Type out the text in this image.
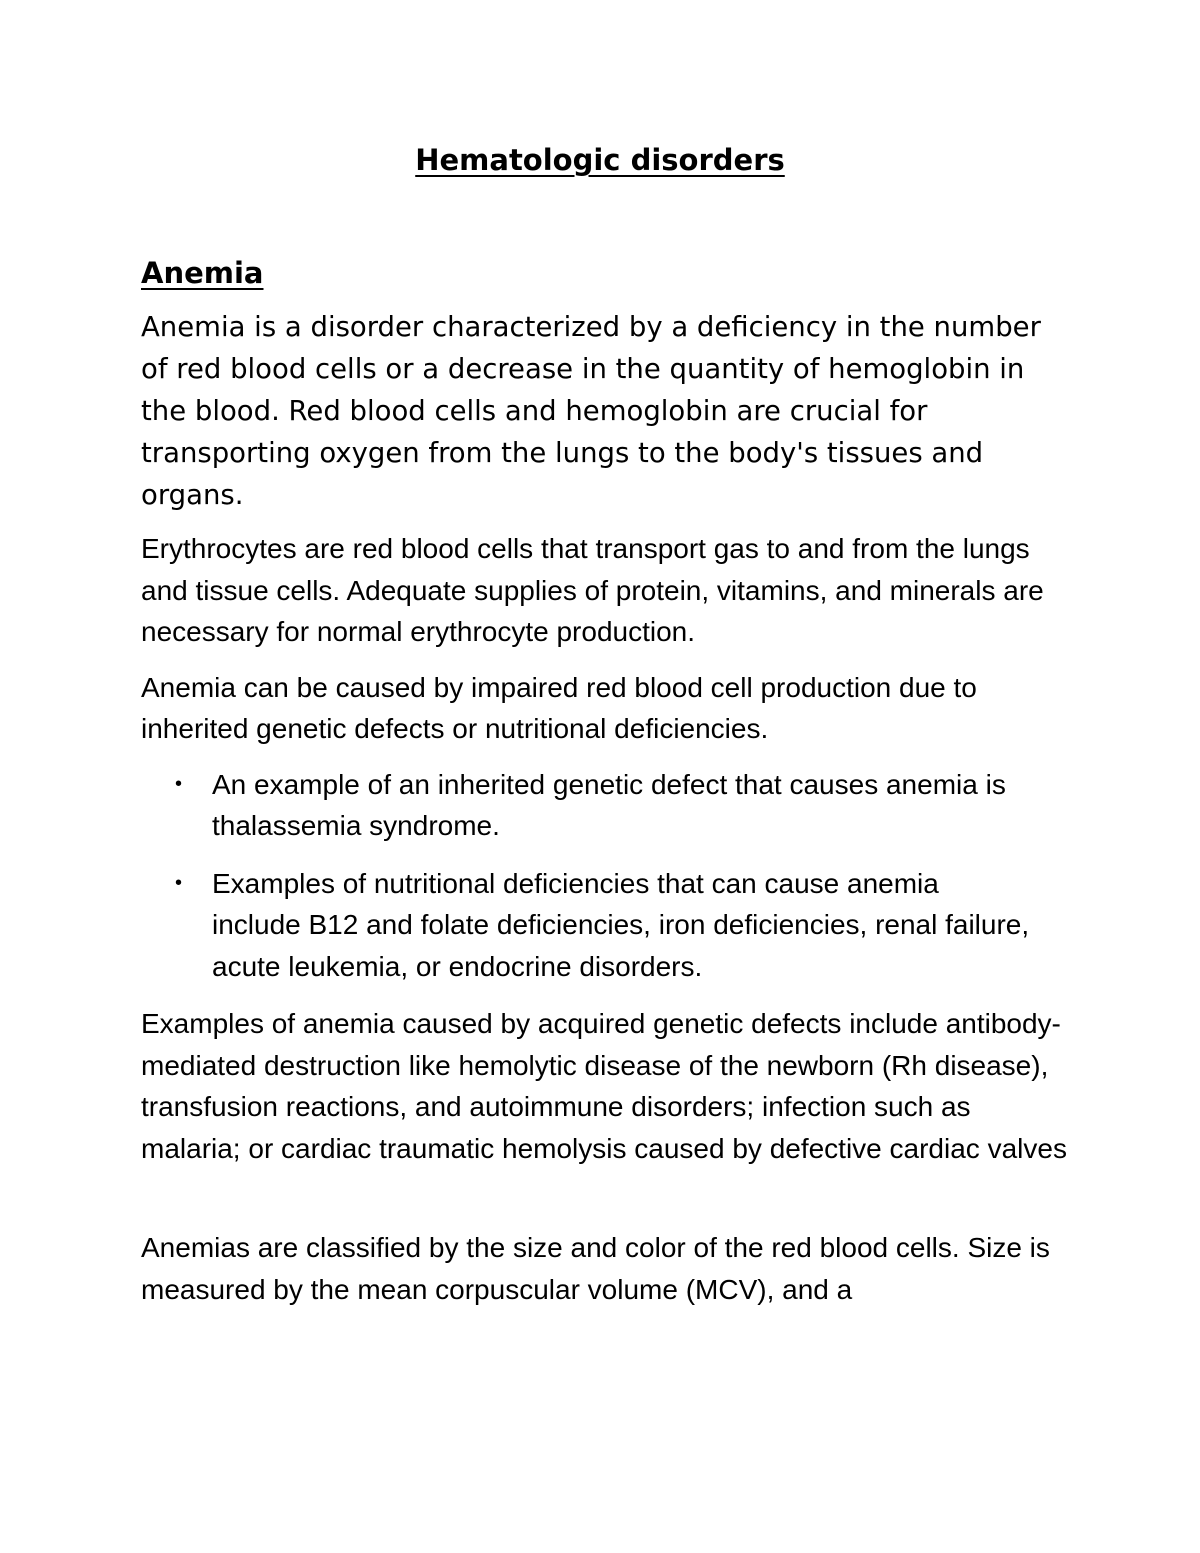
Hematologic disorders
Anemia

Anemia is a disorder characterized by a deficiency in the number of red blood cells or a decrease in the quantity of hemoglobin in the blood. Red blood cells and hemoglobin are crucial for transporting oxygen from the lungs to the body's tissues and organs.

Erythrocytes are red blood cells that transport gas to and from the lungs and tissue cells. Adequate supplies of protein, vitamins, and minerals are necessary for normal erythrocyte production.

Anemia can be caused by impaired red blood cell production due to inherited genetic defects or nutritional deficiencies.

• An example of an inherited genetic defect that causes anemia is thalassemia syndrome.
• Examples of nutritional deficiencies that can cause anemia include B12 and folate deficiencies, iron deficiencies, renal failure, acute leukemia, or endocrine disorders.

Examples of anemia caused by acquired genetic defects include antibody-mediated destruction like hemolytic disease of the newborn (Rh disease), transfusion reactions, and autoimmune disorders; infection such as malaria; or cardiac traumatic hemolysis caused by defective cardiac valves

Anemias are classified by the size and color of the red blood cells. Size is measured by the mean corpuscular volume (MCV), and a
